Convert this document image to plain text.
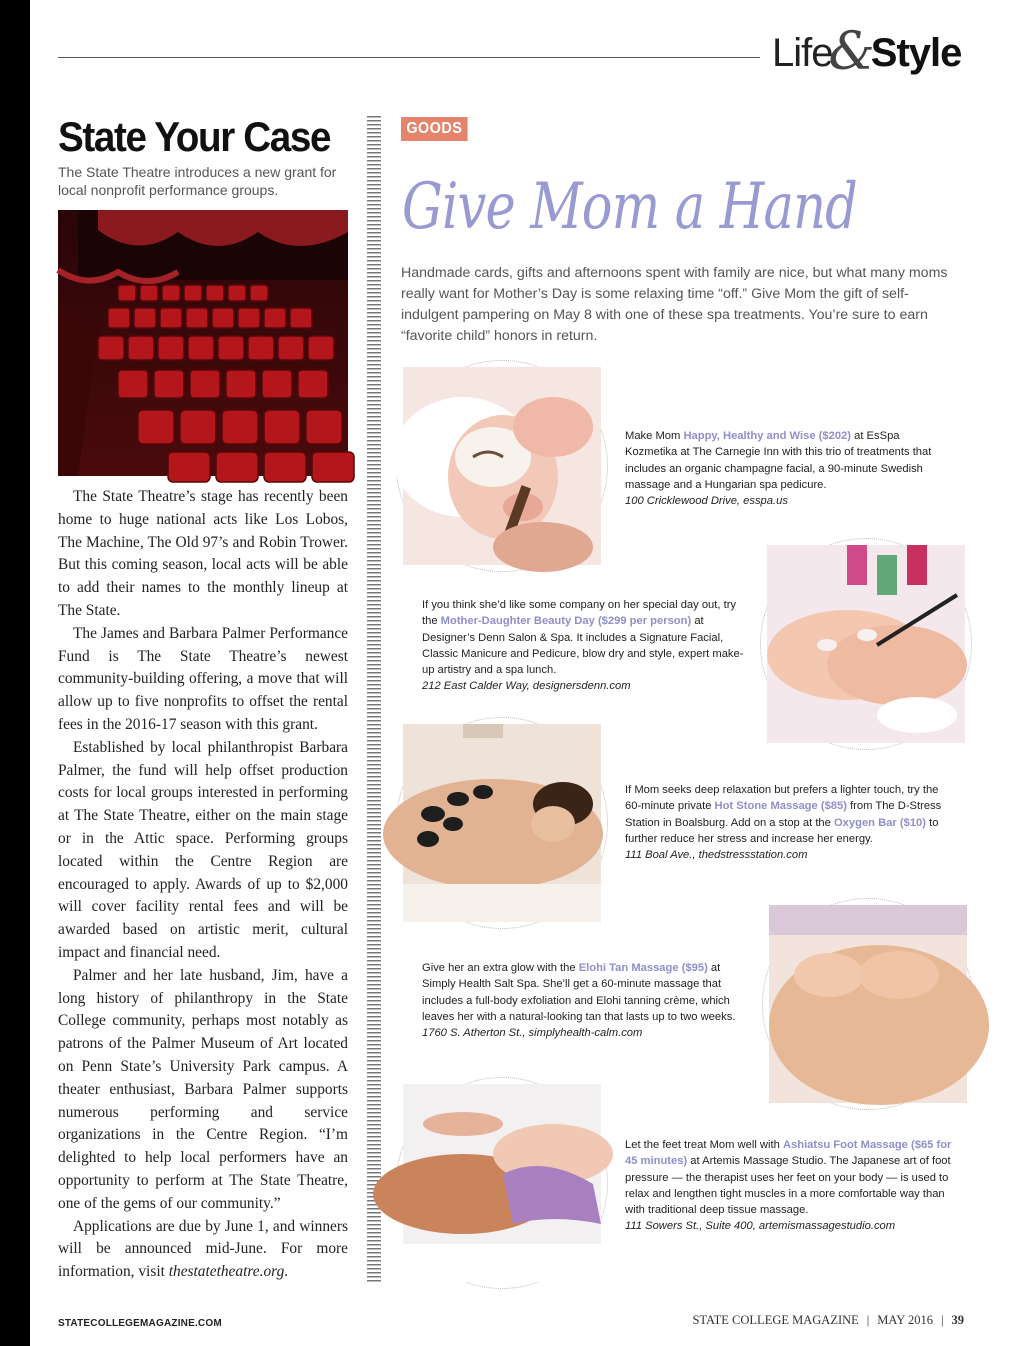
Life
&
Style
State Your Case
The State Theatre introduces a new grant for local nonprofit performance groups.

The State Theatre’s stage has recently been home to huge national acts like Los Lobos, The Machine, The Old 97’s and Robin Trower. But this coming season, local acts will be able to add their names to the monthly lineup at The State.

The James and Barbara Palmer Performance Fund is The State Theatre’s newest community-building offering, a move that will allow up to five nonprofits to offset the rental fees in the 2016-17 season with this grant.

Established by local philanthropist Barbara Palmer, the fund will help offset production costs for local groups interested in performing at The State Theatre, either on the main stage or in the Attic space. Performing groups located within the Centre Region are encouraged to apply. Awards of up to $2,000 will cover facility rental fees and will be awarded based on artistic merit, cultural impact and financial need.

Palmer and her late husband, Jim, have a long history of philanthropy in the State College community, perhaps most notably as patrons of the Palmer Museum of Art located on Penn State’s University Park campus. A theater enthusiast, Barbara Palmer supports numerous performing and service organizations in the Centre Region. “I’m delighted to help local performers have an opportunity to perform at The State Theatre, one of the gems of our community.”

Applications are due by June 1, and winners will be announced mid-June. For more information, visit thestatetheatre.org.

GOODS
Give Mom a Hand
Handmade cards, gifts and afternoons spent with family are nice, but what many moms really want for Mother’s Day is some relaxing time “off.” Give Mom the gift of self-indulgent pampering on May 8 with one of these spa treatments. You’re sure to earn “favorite child” honors in return.
Make Mom Happy, Healthy and Wise ($202) at EsSpa Kozmetika at The Carnegie Inn with this trio of treatments that includes an organic champagne facial, a 90-minute Swedish massage and a Hungarian spa pedicure.
100 Cricklewood Drive, esspa.us
If you think she’d like some company on her special day out, try the Mother-Daughter Beauty Day ($299 per person) at Designer’s Denn Salon & Spa. It includes a Signature Facial, Classic Manicure and Pedicure, blow dry and style, expert make-up artistry and a spa lunch.
212 East Calder Way, designersdenn.com
If Mom seeks deep relaxation but prefers a lighter touch, try the 60-minute private Hot Stone Massage ($85) from The D-Stress Station in Boalsburg. Add on a stop at the Oxygen Bar ($10) to further reduce her stress and increase her energy.
111 Boal Ave., thedstressstation.com
Give her an extra glow with the Elohi Tan Massage ($95) at Simply Health Salt Spa. She’ll get a 60-minute massage that includes a full-body exfoliation and Elohi tanning crème, which leaves her with a natural-looking tan that lasts up to two weeks.
1760 S. Atherton St., simplyhealth-calm.com
Let the feet treat Mom well with Ashiatsu Foot Massage ($65 for 45 minutes) at Artemis Massage Studio. The Japanese art of foot pressure — the therapist uses her feet on your body — is used to relax and lengthen tight muscles in a more comfortable way than with traditional deep tissue massage.
111 Sowers St., Suite 400, artemismassagestudio.com
STATECOLLEGEMAGAZINE.COM	STATE COLLEGE MAGAZINE | MAY 2016 | 39
